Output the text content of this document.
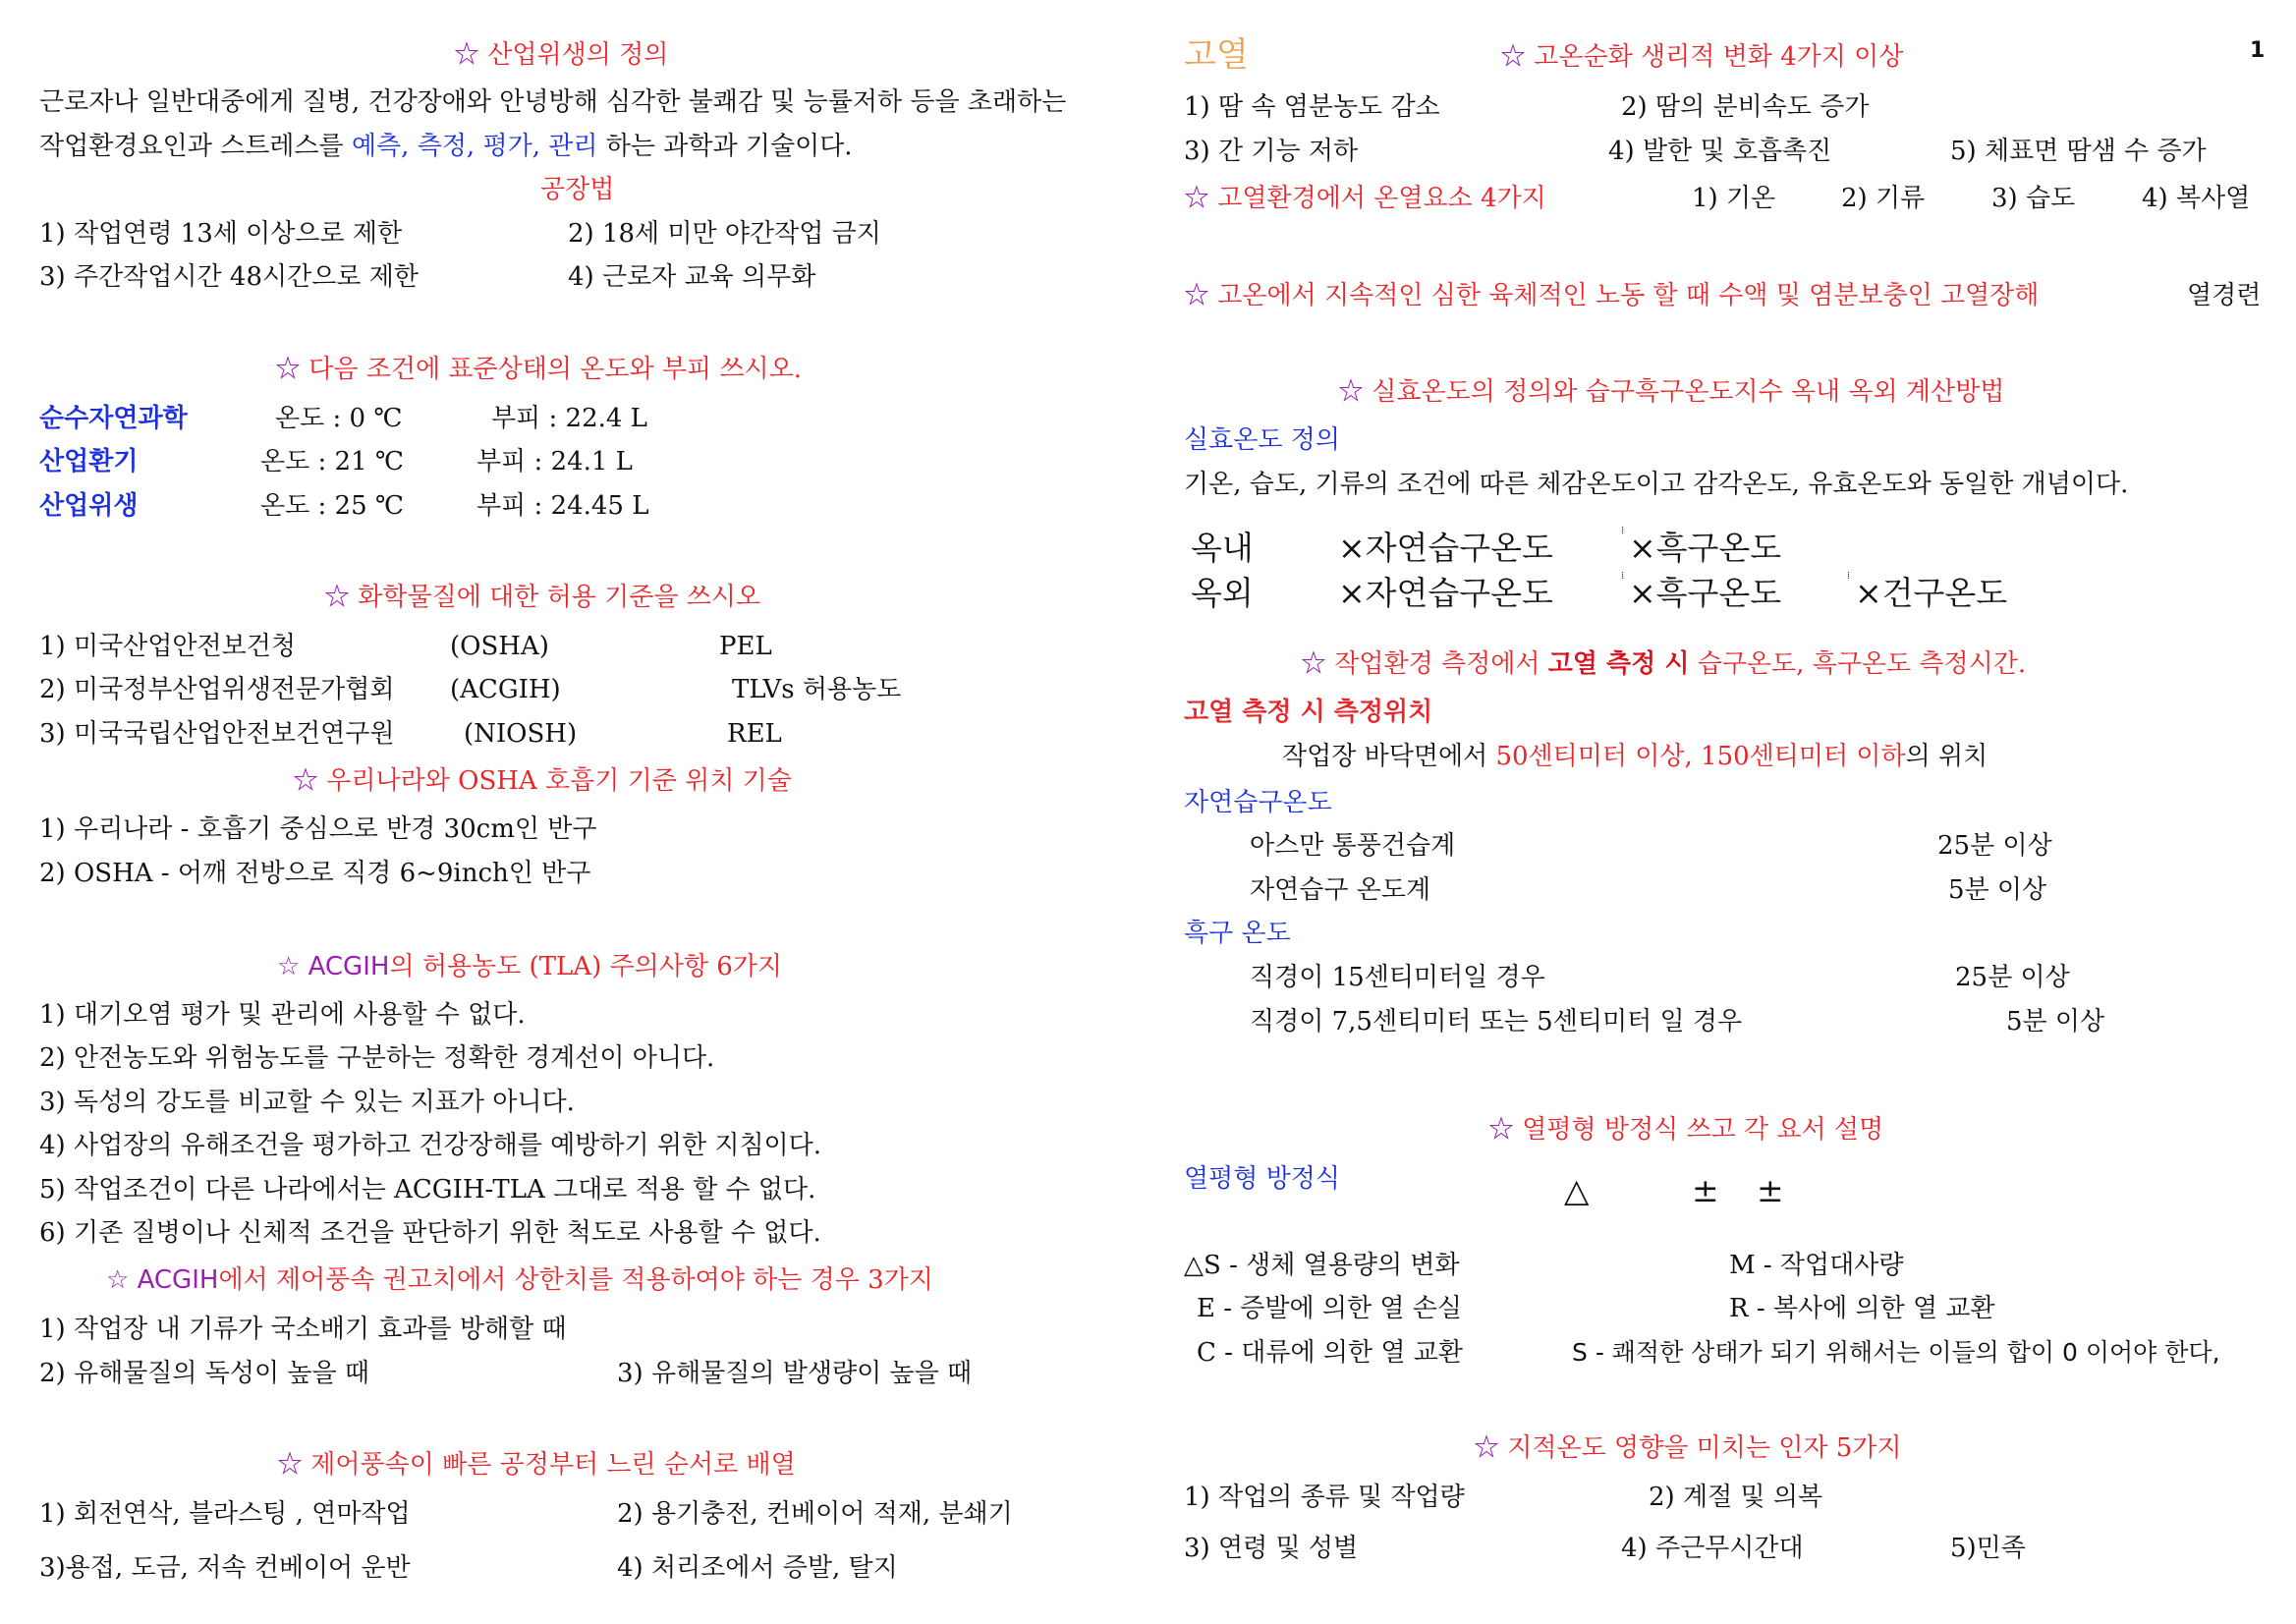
1
☆ 산업위생의 정의
근로자나 일반대중에게 질병, 건강장애와 안녕방해 심각한 불쾌감 및 능률저하 등을 초래하는
작업환경요인과 스트레스를 예측, 측정, 평가, 관리 하는 과학과 기술이다.
공장법
1) 작업연령 13세 이상으로 제한	2) 18세 미만 야간작업 금지
3) 주간작업시간 48시간으로 제한	4) 근로자 교육 의무화
☆ 다음 조건에 표준상태의 온도와 부피 쓰시오.
순수자연과학	온도 : 0 ℃	부피 : 22.4 L
산업환기	온도 : 21 ℃	부피 : 24.1 L
산업위생	온도 : 25 ℃	부피 : 24.45 L
☆ 화학물질에 대한 허용 기준을 쓰시오
1) 미국산업안전보건청	(OSHA)	PEL
2) 미국정부산업위생전문가협회 (ACGIH)	TLVs 허용농도
3) 미국국립산업안전보건연구원	(NIOSH)	REL
☆ 우리나라와 OSHA 호흡기 기준 위치 기술
1) 우리나라 - 호흡기 중심으로 반경 30cm인 반구
2) OSHA - 어깨 전방으로 직경 6~9inch인 반구
☆ ACGIH의 허용농도 (TLA) 주의사항 6가지
1) 대기오염 평가 및 관리에 사용할 수 없다.
2) 안전농도와 위험농도를 구분하는 정확한 경계선이 아니다.
3) 독성의 강도를 비교할 수 있는 지표가 아니다.
4) 사업장의 유해조건을 평가하고 건강장해를 예방하기 위한 지침이다.
5) 작업조건이 다른 나라에서는 ACGIH-TLA 그대로 적용 할 수 없다.
6) 기존 질병이나 신체적 조건을 판단하기 위한 척도로 사용할 수 없다.
☆ ACGIH에서 제어풍속 권고치에서 상한치를 적용하여야 하는 경우 3가지
1) 작업장 내 기류가 국소배기 효과를 방해할 때
2) 유해물질의 독성이 높을 때	3) 유해물질의 발생량이 높을 때
☆ 제어풍속이 빠른 공정부터 느린 순서로 배열
1) 회전연삭, 블라스팅 , 연마작업	2) 용기충전, 컨베이어 적재, 분쇄기
3)용접, 도금, 저속 컨베이어 운반	4) 처리조에서 증발, 탈지
고열	☆ 고온순화 생리적 변화 4가지 이상
1) 땀 속 염분농도 감소	2) 땀의 분비속도 증가
3) 간 기능 저하	4) 발한 및 호흡촉진	5) 체표면 땀샘 수 증가
☆ 고열환경에서 온열요소 4가지	1) 기온	2) 기류	3) 습도	4) 복사열
☆ 고온에서 지속적인 심한 육체적인 노동 할 때 수액 및 염분보충인 고열장해	열경련
☆ 실효온도의 정의와 습구흑구온도지수 옥내 옥외 계산방법
실효온도 정의
기온, 습도, 기류의 조건에 따른 체감온도이고 감각온도, 유효온도와 동일한 개념이다.
옥내	×자연습구온도	⁞ ×흑구온도
옥외	×자연습구온도	⁞ ×흑구온도	⁞ ×건구온도
☆ 작업환경 측정에서 고열 측정 시 습구온도, 흑구온도 측정시간.
고열 측정 시 측정위치
작업장 바닥면에서 50센티미터 이상, 150센티미터 이하의 위치
자연습구온도
아스만 통풍건습계	25분 이상
자연습구 온도계	5분 이상
흑구 온도
직경이 15센티미터일 경우	25분 이상
직경이 7,5센티미터 또는 5센티미터 일 경우	5분 이상
☆ 열평형 방정식 쓰고 각 요서 설명
열평형 방정식	△	± ±
△S - 생체 열용량의 변화	M - 작업대사량
E - 증발에 의한 열 손실	R - 복사에 의한 열 교환
C - 대류에 의한 열 교환	S - 쾌적한 상태가 되기 위해서는 이들의 합이 0 이어야 한다,
☆ 지적온도 영향을 미치는 인자 5가지
1) 작업의 종류 및 작업량	2) 계절 및 의복
3) 연령 및 성별	4) 주근무시간대	5)민족
